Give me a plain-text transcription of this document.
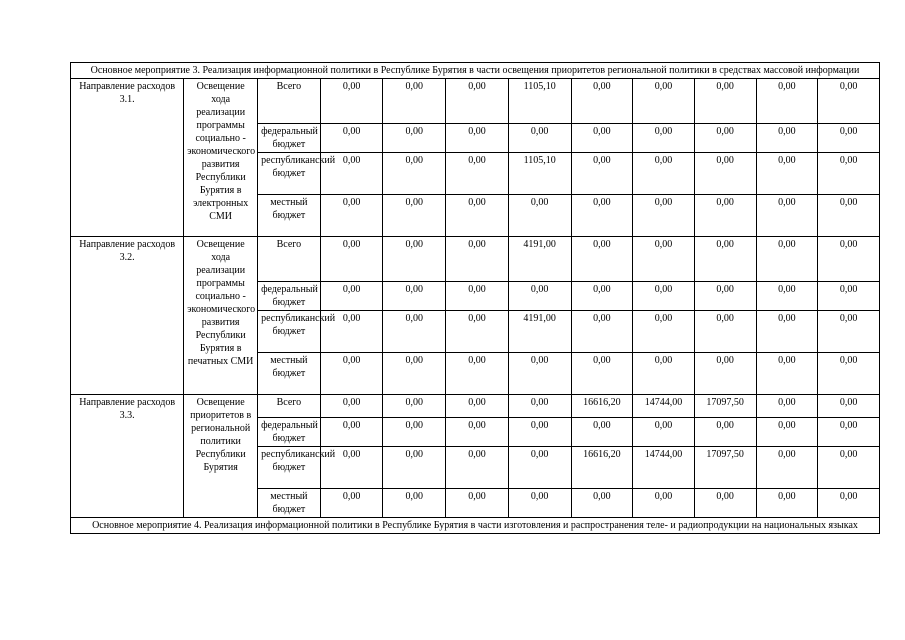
Основное мероприятие 3. Реализация информационной политики в Республике Бурятия в части освещения приоритетов региональной политики в средствах массовой информации											
Направление расходов 3.1.	Освещение хода реализации программы социально - экономического развития Республики Бурятия в электронных СМИ	Всего	0,00	0,00	0,00	1105,10	0,00	0,00	0,00	0,00	0,00
		федеральный бюджет	0,00	0,00	0,00	0,00	0,00	0,00	0,00	0,00	0,00
		республиканский бюджет	0,00	0,00	0,00	1105,10	0,00	0,00	0,00	0,00	0,00
		местный бюджет	0,00	0,00	0,00	0,00	0,00	0,00	0,00	0,00	0,00
Направление расходов 3.2.	Освещение хода реализации программы социально - экономического развития Республики Бурятия в печатных СМИ	Всего	0,00	0,00	0,00	4191,00	0,00	0,00	0,00	0,00	0,00
		федеральный бюджет	0,00	0,00	0,00	0,00	0,00	0,00	0,00	0,00	0,00
		республиканский бюджет	0,00	0,00	0,00	4191,00	0,00	0,00	0,00	0,00	0,00
		местный бюджет	0,00	0,00	0,00	0,00	0,00	0,00	0,00	0,00	0,00
Направление расходов 3.3.	Освещение приоритетов в региональной политики Республики Бурятия	Всего	0,00	0,00	0,00	0,00	16616,20	14744,00	17097,50	0,00	0,00
		федеральный бюджет	0,00	0,00	0,00	0,00	0,00	0,00	0,00	0,00	0,00
		республиканский бюджет	0,00	0,00	0,00	0,00	16616,20	14744,00	17097,50	0,00	0,00
		местный бюджет	0,00	0,00	0,00	0,00	0,00	0,00	0,00	0,00	0,00
Основное мероприятие 4. Реализация информационной политики в Республике Бурятия в части изготовления и распространения теле- и радиопродукции на национальных языках											
